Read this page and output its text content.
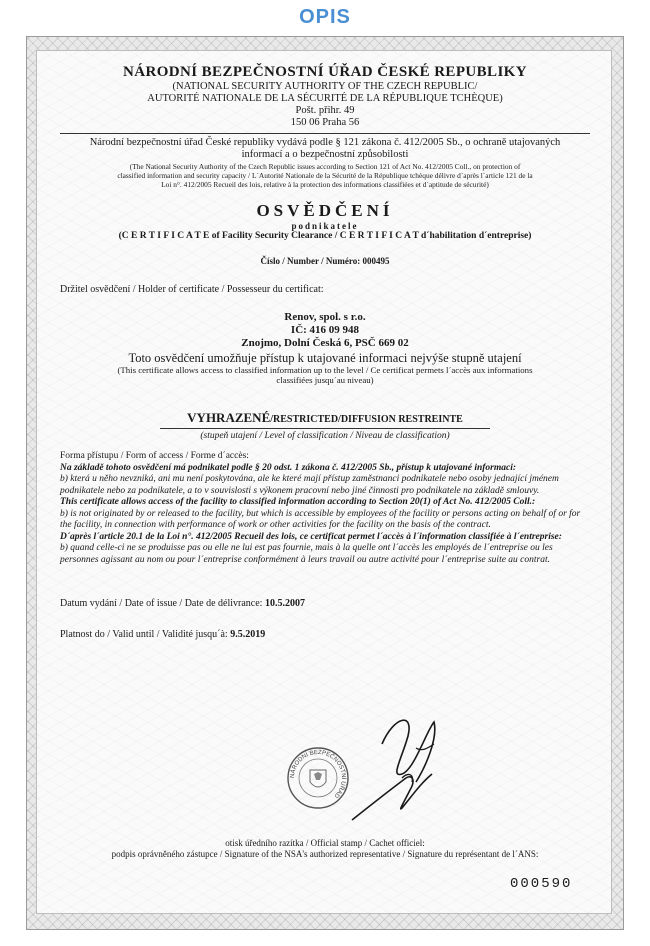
OPIS
NÁRODNÍ BEZPEČNOSTNÍ ÚŘAD ČESKÉ REPUBLIKY
(NATIONAL SECURITY AUTHORITY OF THE CZECH REPUBLIC/
AUTORITÉ NATIONALE DE LA SÉCURITÉ DE LA RÉPUBLIQUE TCHÈQUE)
Pošt. přihr. 49
150 06 Praha 56
Národní bezpečnostní úřad České republiky vydává podle § 121 zákona č. 412/2005 Sb., o ochraně utajovaných
informací a o bezpečnostní způsobilosti
(The National Security Authority of the Czech Republic issues according to Section 121 of Act No. 412/2005 Coll., on protection of
classified information and security capacity / L´Autorité Nationale de la Sécurité de la République tchèque délivre d´après l´article 121 de la
Loi n°. 412/2005 Recueil des lois, relative à la protection des informations classifiées et d´aptitude de sécurité)
OSVĚDČENÍ
podnikatele
(C E R T I F I C A T E of Facility Security Clearance / C E R T I F I C A T d´habilitation d´entreprise)
Číslo / Number / Numéro: 000495
Držitel osvědčení / Holder of certificate / Possesseur du certificat:
Renov, spol. s r.o.
IČ: 416 09 948
Znojmo, Dolní Česká 6, PSČ 669 02
Toto osvědčení umožňuje přístup k utajované informaci nejvýše stupně utajení
(This certificate allows access to classified information up to the level / Ce certificat permets l´accès aux informations
classifiées jusqu´au niveau)
VYHRAZENÉ/RESTRICTED/DIFFUSION RESTREINTE
(stupeň utajení / Level of classification / Niveau de classification)
Forma přístupu / Form of access / Forme d´accès:
Na základě tohoto osvědčení má podnikatel podle § 20 odst. 1 zákona č. 412/2005 Sb., přístup k utajované informaci:
b) která u něho nevzniká, ani mu není poskytována, ale ke které mají přístup zaměstnanci podnikatele nebo osoby jednající jménem podnikatele nebo za podnikatele, a to v souvislosti s výkonem pracovní nebo jiné činnosti pro podnikatele na základě smlouvy.
This certificate allows access of the facility to classified information according to Section 20(1) of Act No. 412/2005 Coll.:
b) is not originated by or released to the facility, but which is accessible by employees of the facility or persons acting on behalf of or for the facility, in connection with performance of work or other activities for the facility on the basis of the contract.
D´après l´article 20.1 de la Loi n°. 412/2005 Recueil des lois, ce certificat permet l´accès à l´information classifiée à l´entreprise:
b) quand celle-ci ne se produisse pas ou elle ne lui est pas fournie, mais à la quelle ont l´accès les employés de l´entreprise ou les personnes agissant au nom ou pour l´entreprise conformément à leurs travail ou autre activité pour l´entreprise suite au contrat.
Datum vydání / Date of issue / Date de délivrance: 10.5.2007
Platnost do / Valid until / Validité jusqu´à: 9.5.2019
NÁRODNÍ BEZPEČNOSTNÍ ÚŘAD
otisk úředního razítka / Official stamp / Cachet officiel:
podpis oprávněného zástupce / Signature of the NSA's authorized representative / Signature du représentant de l´ANS:
000590
